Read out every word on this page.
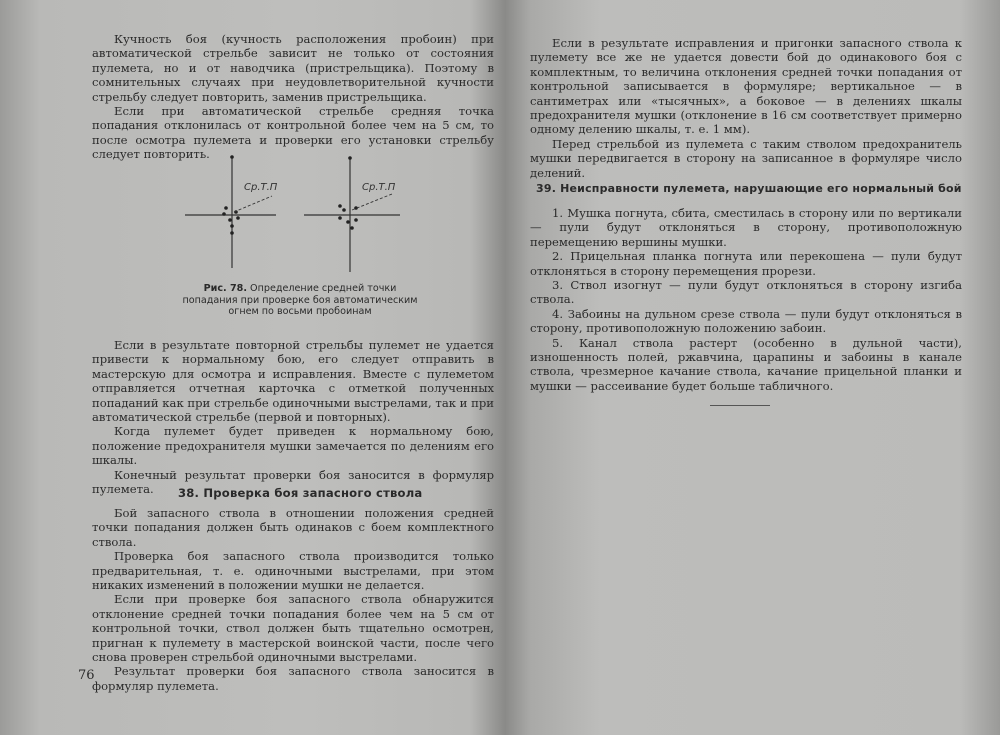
Кучность боя (кучность расположения пробоин) при автоматической стрельбе зависит не только от состояния пулемета, но и от наводчика (пристрельщика). Поэтому в сомнительных случаях при неудовлетворительной кучности стрельбу следует повторить, заменив пристрельщика.

Если при автоматической стрельбе средняя точка попадания отклонилась от контрольной более чем на 5 см, то после осмотра пулемета и проверки его установки стрельбу следует повторить.

Ср.Т.П	Ср.Т.П
Рис. 78. Определение средней точки попадания при проверке боя автоматическим огнем по восьми пробоинам

Если в результате повторной стрельбы пулемет не удается привести к нормальному бою, его следует отправить в мастерскую для осмотра и исправления. Вместе с пулеметом отправляется отчетная карточка с отметкой полученных попаданий как при стрельбе одиночными выстрелами, так и при автоматической стрельбе (первой и повторных).

Когда пулемет будет приведен к нормальному бою, положение предохранителя мушки замечается по делениям его шкалы.

Конечный результат проверки боя заносится в формуляр пулемета.	38. Проверка боя запасного ствола

Бой запасного ствола в отношении положения средней точки попадания должен быть одинаков с боем комплектного ствола.

Проверка боя запасного ствола производится только предварительная, т. е. одиночными выстрелами, при этом никаких изменений в положении мушки не делается.

Если при проверке боя запасного ствола обнаружится отклонение средней точки попадания более чем на 5 см от контрольной точки, ствол должен быть тщательно осмотрен, пригнан к пулемету в мастерской воинской части, после чего снова проверен стрельбой одиночными выстрелами.

Результат проверки боя запасного ствола заносится в формуляр пулемета.

76

Если в результате исправления и пригонки запасного ствола к пулемету все же не удается довести бой до одинакового боя с комплектным, то величина отклонения средней точки попадания от контрольной записывается в формуляре; вертикальное — в сантиметрах или «тысячных», а боковое — в делениях шкалы предохранителя мушки (отклонение в 16 см соответствует примерно одному делению шкалы, т. е. 1 мм).

Перед стрельбой из пулемета с таким стволом предохранитель мушки передвигается в сторону на записанное в формуляре число делений.

39. Неисправности пулемета, нарушающие его нормальный бой

1. Мушка погнута, сбита, сместилась в сторону или по вертикали — пули будут отклоняться в сторону, противоположную перемещению вершины мушки.

2. Прицельная планка погнута или перекошена — пули будут отклоняться в сторону перемещения прорези.

3. Ствол изогнут — пули будут отклоняться в сторону изгиба ствола.

4. Забоины на дульном срезе ствола — пули будут отклоняться в сторону, противоположную положению забоин.

5. Канал ствола растерт (особенно в дульной части), изношенность полей, ржавчина, царапины и забоины в канале ствола, чрезмерное качание ствола, качание прицельной планки и мушки — рассеивание будет больше табличного.
